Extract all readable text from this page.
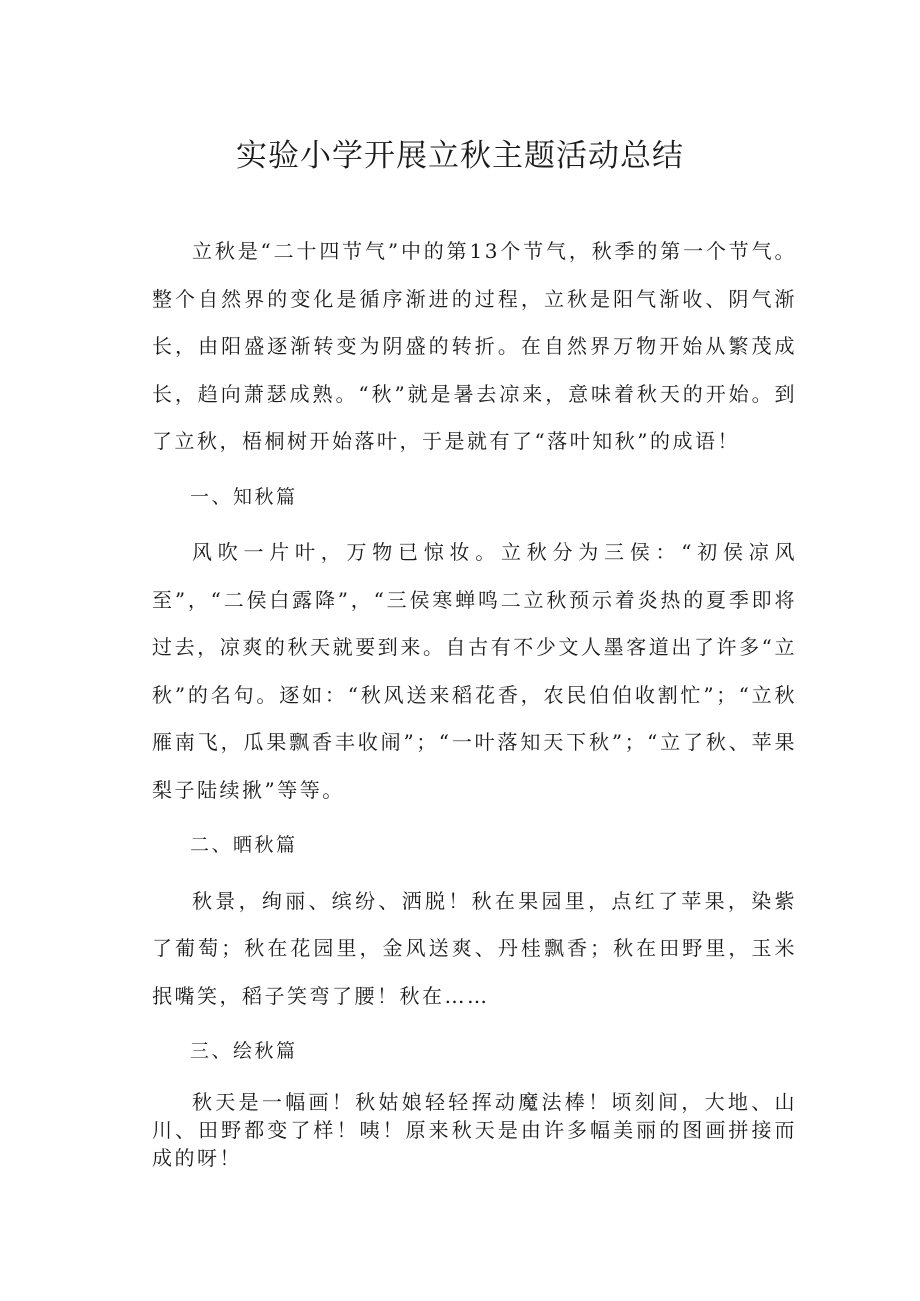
实验小学开展立秋主题活动总结

立秋是“二十四节气”中的第13个节气，秋季的第一个节气。整个自然界的变化是循序渐进的过程，立秋是阳气渐收、阴气渐长，由阳盛逐渐转变为阴盛的转折。在自然界万物开始从繁茂成长，趋向萧瑟成熟。“秋”就是暑去凉来，意味着秋天的开始。到了立秋，梧桐树开始落叶，于是就有了“落叶知秋”的成语！

一、知秋篇

风吹一片叶，万物已惊妆。立秋分为三侯：“初侯凉风至”，“二侯白露降”，“三侯寒蝉鸣二立秋预示着炎热的夏季即将过去，凉爽的秋天就要到来。自古有不少文人墨客道出了许多“立秋”的名句。逐如：“秋风送来稻花香，农民伯伯收割忙”；“立秋雁南飞，瓜果飘香丰收闹”；“一叶落知天下秋”；“立了秋、苹果梨子陆续揪”等等。

二、晒秋篇

秋景，绚丽、缤纷、洒脱！秋在果园里，点红了苹果，染紫了葡萄；秋在花园里，金风送爽、丹桂飘香；秋在田野里，玉米抿嘴笑，稻子笑弯了腰！秋在……

三、绘秋篇

秋天是一幅画！秋姑娘轻轻挥动魔法棒！顷刻间，大地、山川、田野都变了样！咦！原来秋天是由许多幅美丽的图画拼接而成的呀！
